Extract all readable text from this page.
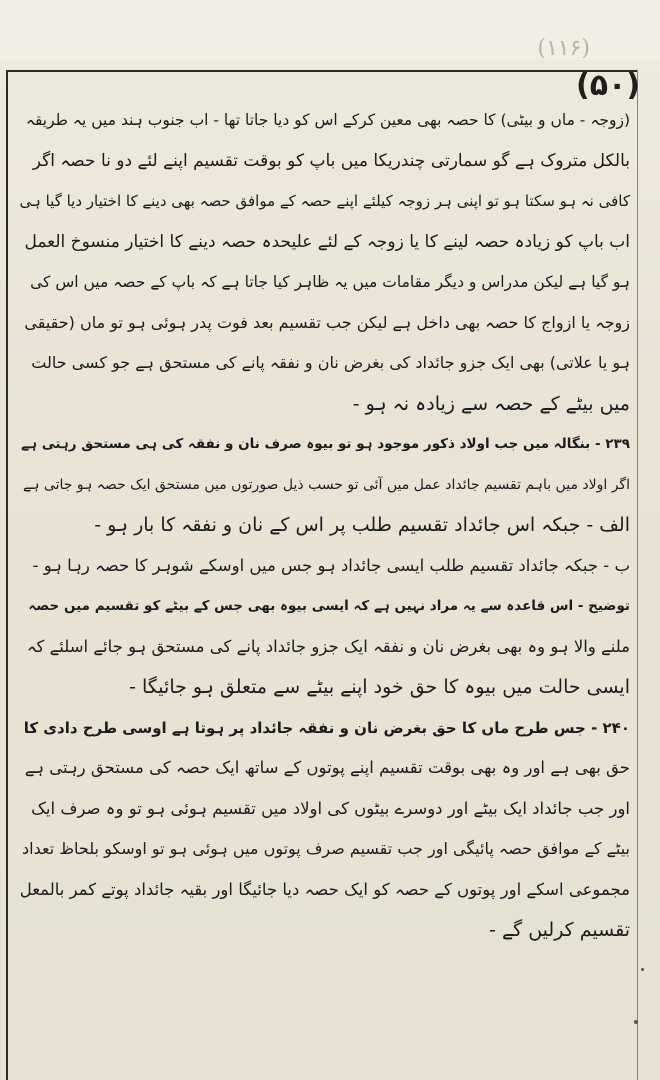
(۱۱۶)
(۵۰)
(زوجہ - ماں و بیٹی) کا حصہ بھی معین کرکے اس کو دیا جاتا تھا - اب جنوب ہند میں یہ طریقہ
بالکل متروک ہے گو سمارتی چندریکا میں باپ کو بوقت تقسیم اپنے لئے دو نا حصہ اگر
کافی نہ ہو سکتا ہو تو اپنی ہر زوجہ کیلئے اپنے حصہ کے موافق حصہ بھی دینے کا اختیار دیا گیا ہی
اب باپ کو زیادہ حصہ لینے کا یا زوجہ کے لئے علیحدہ حصہ دینے کا اختیار منسوخ العمل
ہو گیا ہے لیکن مدراس و دیگر مقامات میں یہ ظاہر کیا جاتا ہے کہ باپ کے حصہ میں اس کی
زوجہ یا ازواج کا حصہ بھی داخل ہے لیکن جب تقسیم بعد فوت پدر ہوئی ہو تو ماں (حقیقی
ہو یا علاتی) بھی ایک جزو جائداد کی بغرض نان و نفقہ پانے کی مستحق ہے جو کسی حالت
میں بیٹے کے حصہ سے زیادہ نہ ہو -
۲۳۹ - بنگالہ میں جب اولاد ذکور موجود ہو تو بیوہ صرف نان و نفقہ کی ہی مستحق رہتی ہے
اگر اولاد میں باہم تقسیم جائداد عمل میں آئی تو حسب ذیل صورتوں میں مستحق ایک حصہ ہو جاتی ہے
الف - جبکہ اس جائداد تقسیم طلب پر اس کے نان و نفقہ کا بار ہو -
ب - جبکہ جائداد تقسیم طلب ایسی جائداد ہو جس میں اوسکے شوہر کا حصہ رہا ہو -
توضیح - اس قاعدہ سے یہ مراد نہیں ہے کہ ایسی بیوہ بھی جس کے بیٹے کو تقسیم میں حصہ
ملنے والا ہو وہ بھی بغرض نان و نفقہ ایک جزو جائداد پانے کی مستحق ہو جائے اسلئے کہ
ایسی حالت میں بیوہ کا حق خود اپنے بیٹے سے متعلق ہو جائیگا -
۲۴۰ - جس طرح ماں کا حق بغرض نان و نفقہ جائداد پر ہوتا ہے اوسی طرح دادی کا
حق بھی ہے اور وہ بھی بوقت تقسیم اپنے پوتوں کے ساتھ ایک حصہ کی مستحق رہتی ہے
اور جب جائداد ایک بیٹے اور دوسرے بیٹوں کی اولاد میں تقسیم ہوئی ہو تو وہ صرف ایک
بیٹے کے موافق حصہ پائیگی اور جب تقسیم صرف پوتوں میں ہوئی ہو تو اوسکو بلحاظ تعداد
مجموعی اسکے اور پوتوں کے حصہ کو ایک حصہ دیا جائیگا اور بقیہ جائداد پوتے کمر بالمعل
تقسیم کرلیں گے -
